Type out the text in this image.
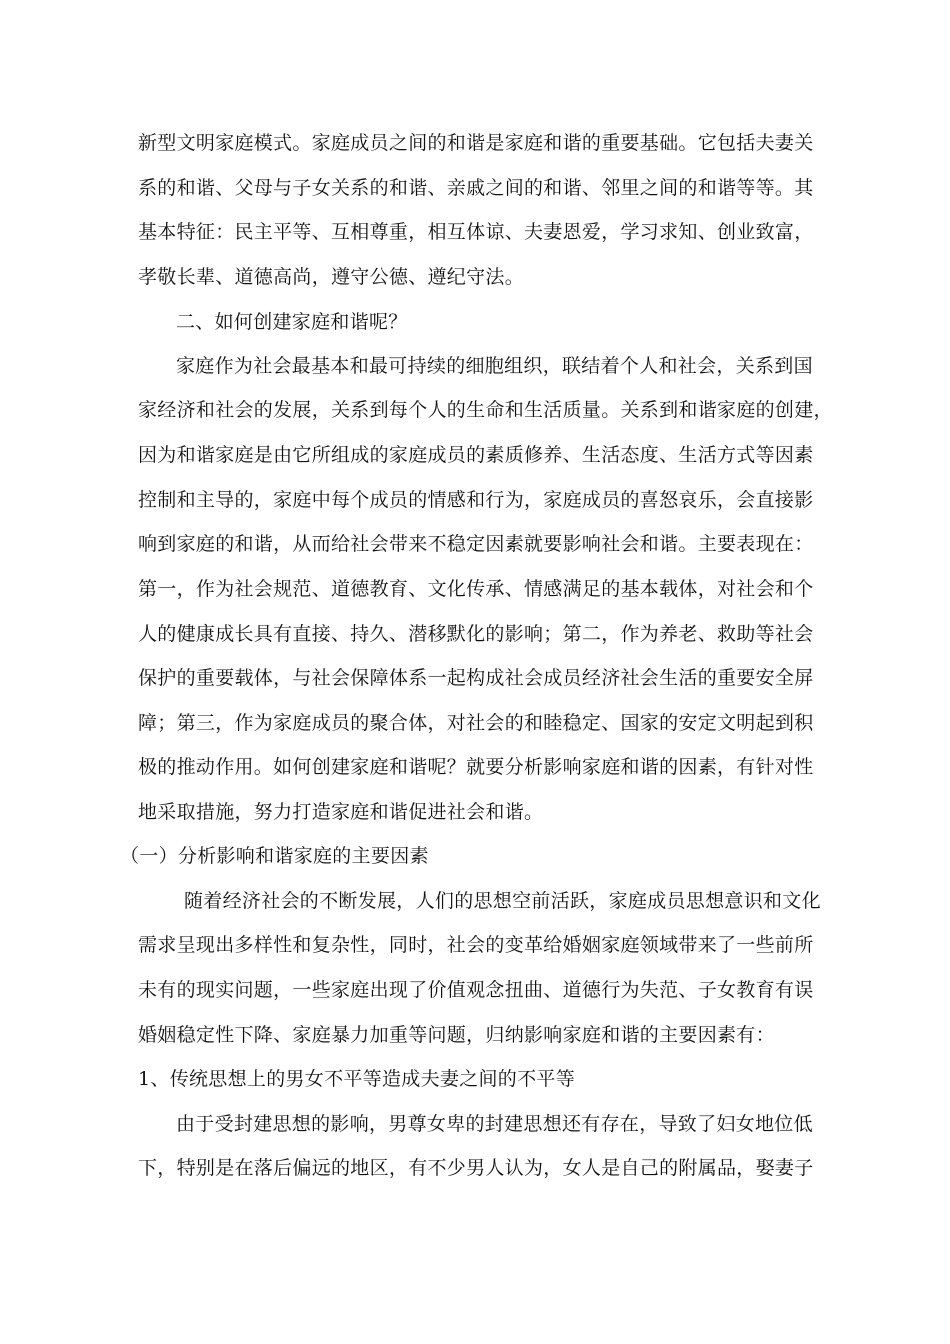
新型文明家庭模式。家庭成员之间的和谐是家庭和谐的重要基础。它包括夫妻关
系的和谐、父母与子女关系的和谐、亲戚之间的和谐、邻里之间的和谐等等。其
基本特征：民主平等、互相尊重，相互体谅、夫妻恩爱，学习求知、创业致富，
孝敬长辈、道德高尚，遵守公德、遵纪守法。
二、如何创建家庭和谐呢？
家庭作为社会最基本和最可持续的细胞组织，联结着个人和社会，关系到国
家经济和社会的发展，关系到每个人的生命和生活质量。关系到和谐家庭的创建，
因为和谐家庭是由它所组成的家庭成员的素质修养、生活态度、生活方式等因素
控制和主导的，家庭中每个成员的情感和行为，家庭成员的喜怒哀乐，会直接影
响到家庭的和谐，从而给社会带来不稳定因素就要影响社会和谐。主要表现在：
第一，作为社会规范、道德教育、文化传承、情感满足的基本载体，对社会和个
人的健康成长具有直接、持久、潜移默化的影响；第二，作为养老、救助等社会
保护的重要载体，与社会保障体系一起构成社会成员经济社会生活的重要安全屏
障；第三，作为家庭成员的聚合体，对社会的和睦稳定、国家的安定文明起到积
极的推动作用。如何创建家庭和谐呢？就要分析影响家庭和谐的因素，有针对性
地采取措施，努力打造家庭和谐促进社会和谐。
（一）分析影响和谐家庭的主要因素
随着经济社会的不断发展，人们的思想空前活跃，家庭成员思想意识和文化
需求呈现出多样性和复杂性，同时，社会的变革给婚姻家庭领域带来了一些前所
未有的现实问题，一些家庭出现了价值观念扭曲、道德行为失范、子女教育有误
婚姻稳定性下降、家庭暴力加重等问题，归纳影响家庭和谐的主要因素有：
1、传统思想上的男女不平等造成夫妻之间的不平等
由于受封建思想的影响，男尊女卑的封建思想还有存在，导致了妇女地位低
下，特别是在落后偏远的地区，有不少男人认为，女人是自己的附属品，娶妻子
